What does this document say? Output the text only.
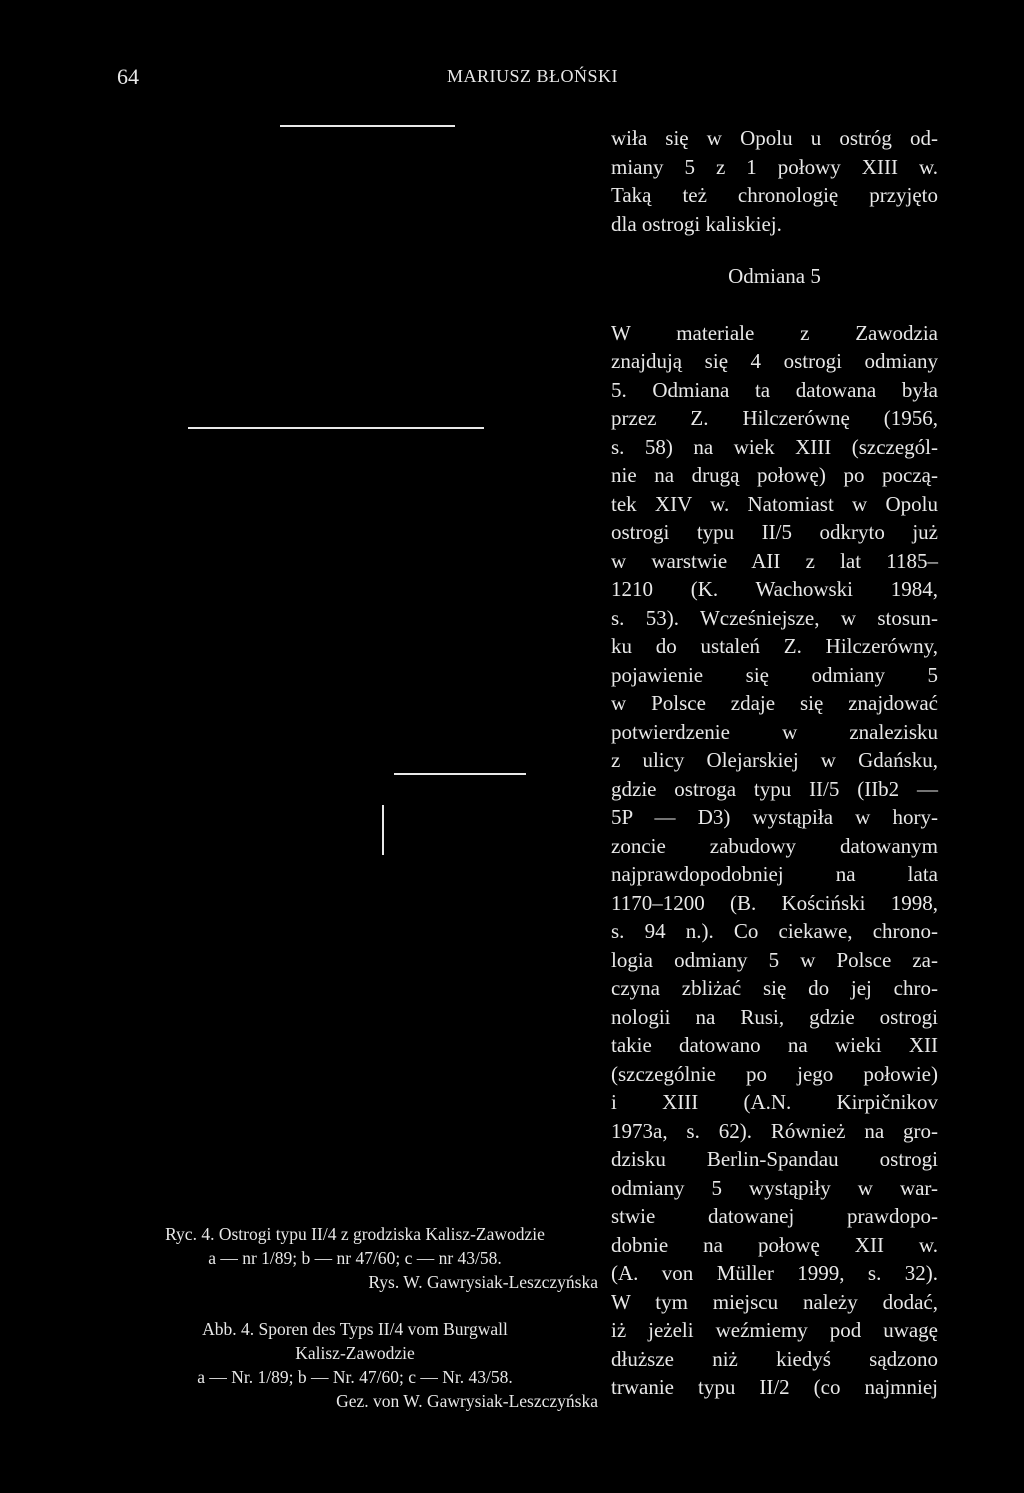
64	MARIUSZ BŁOŃSKI

Ryc. 4. Ostrogi typu II/4 z grodziska Kalisz-Zawodzie

a — nr 1/89; b — nr 47/60; c — nr 43/58.

Rys. W. Gawrysiak-Leszczyńska

Abb. 4. Sporen des Typs II/4 vom Burgwall

Kalisz-Zawodzie

a — Nr. 1/89; b — Nr. 47/60; c — Nr. 43/58.

Gez. von W. Gawrysiak-Leszczyńska

wiła się w Opolu u ostróg od-

miany 5 z 1 połowy XIII w.

Taką też chronologię przyjęto

dla ostrogi kaliskiej.

Odmiana 5

W materiale z Zawodzia

znajdują się 4 ostrogi odmiany

5. Odmiana ta datowana była

przez Z. Hilczerównę (1956,

s. 58) na wiek XIII (szczegól-

nie na drugą połowę) po począ-

tek XIV w. Natomiast w Opolu

ostrogi typu II/5 odkryto już

w warstwie AII z lat 1185–

1210 (K. Wachowski 1984,

s. 53). Wcześniejsze, w stosun-

ku do ustaleń Z. Hilczerówny,

pojawienie się odmiany 5

w Polsce zdaje się znajdować

potwierdzenie w znalezisku

z ulicy Olejarskiej w Gdańsku,

gdzie ostroga typu II/5 (IIb2 —

5P — D3) wystąpiła w hory-

zoncie zabudowy datowanym

najprawdopodobniej na lata

1170–1200 (B. Kościński 1998,

s. 94 n.). Co ciekawe, chrono-

logia odmiany 5 w Polsce za-

czyna zbliżać się do jej chro-

nologii na Rusi, gdzie ostrogi

takie datowano na wieki XII

(szczególnie po jego połowie)

i XIII (A.N. Kirpičnikov

1973a, s. 62). Również na gro-

dzisku Berlin-Spandau ostrogi

odmiany 5 wystąpiły w war-

stwie datowanej prawdopo-

dobnie na połowę XII w.

(A. von Müller 1999, s. 32).

W tym miejscu należy dodać,

iż jeżeli weźmiemy pod uwagę

dłuższe niż kiedyś sądzono

trwanie typu II/2 (co najmniej
